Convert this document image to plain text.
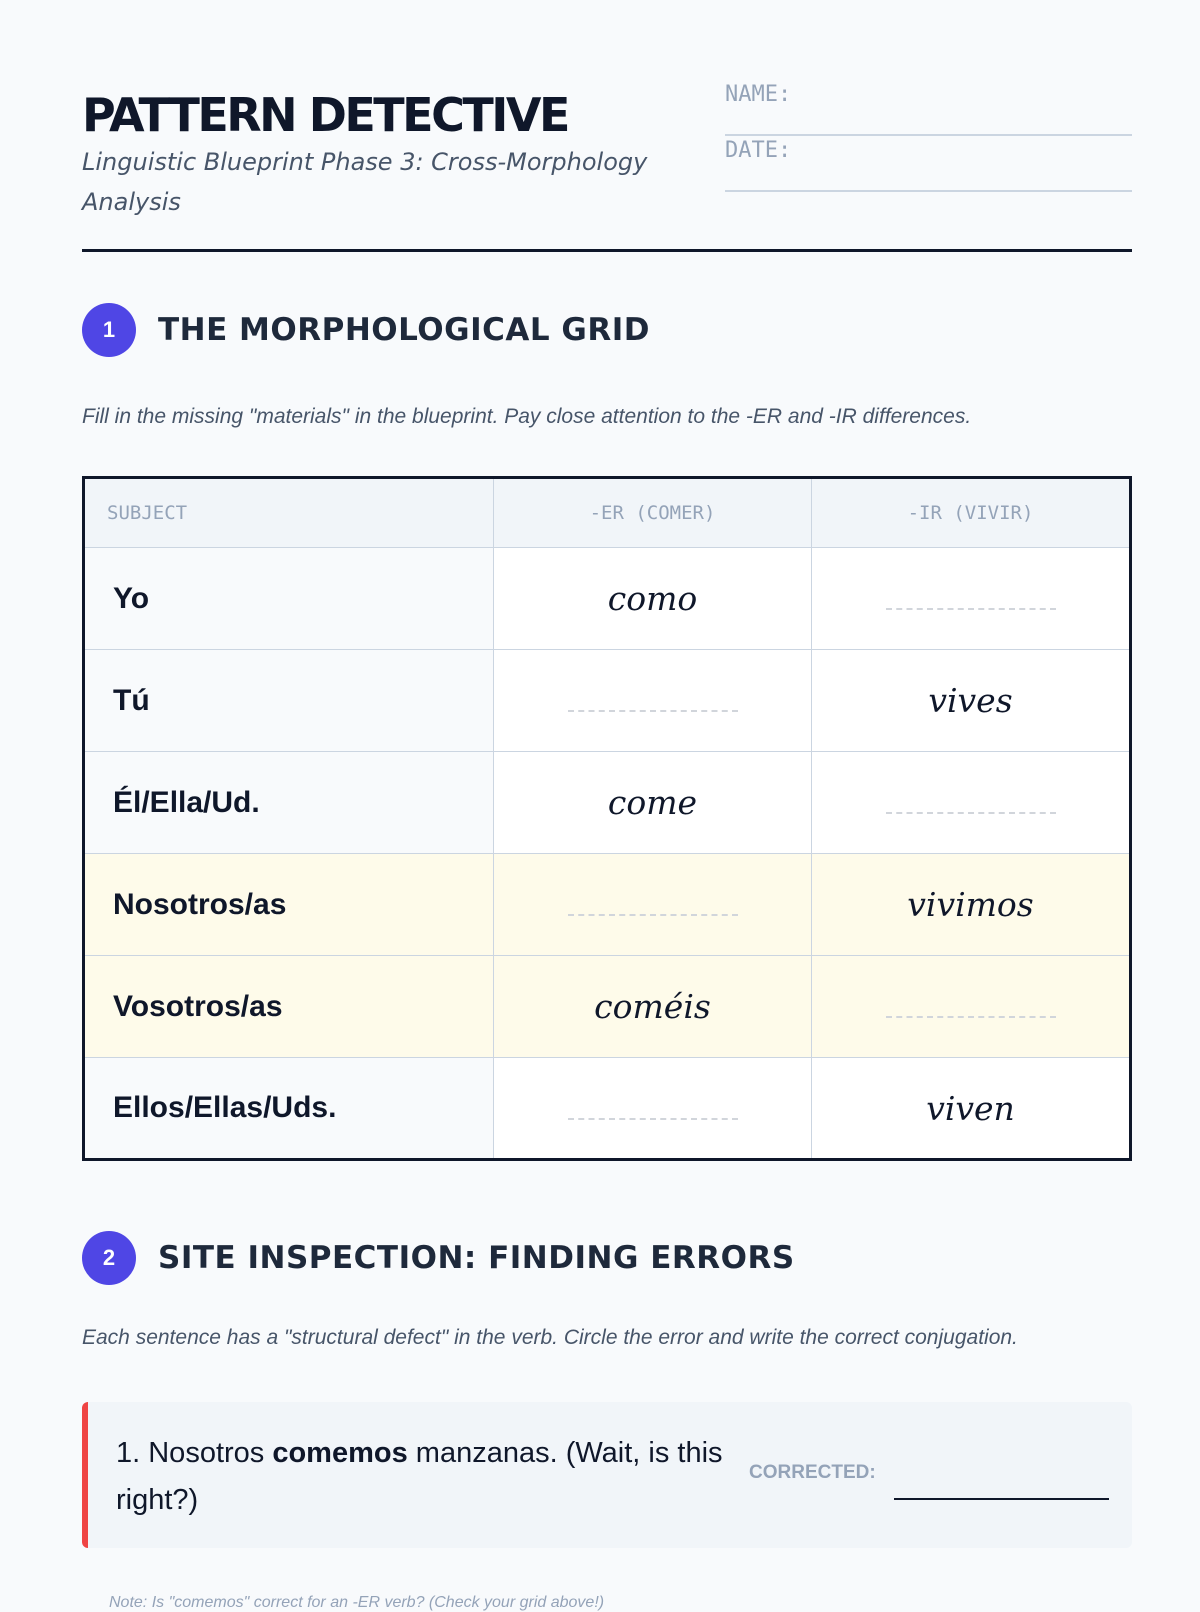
PATTERN DETECTIVE
Linguistic Blueprint Phase 3: Cross-Morphology Analysis
NAME:
DATE:
1	THE MORPHOLOGICAL GRID
Fill in the missing "materials" in the blueprint. Pay close attention to the -ER and -IR differences.
SUBJECT	-ER (COMER)	-IR (VIVIR)
Yo	como	
Tú		vives
Él/Ella/Ud.	come	
Nosotros/as		vivimos
Vosotros/as	coméis	
Ellos/Ellas/Uds.		viven
2	SITE INSPECTION: FINDING ERRORS
Each sentence has a "structural defect" in the verb. Circle the error and write the correct conjugation.
1. Nosotros comemos manzanas. (Wait, is this right?)
CORRECTED:
Note: Is "comemos" correct for an -ER verb? (Check your grid above!)
